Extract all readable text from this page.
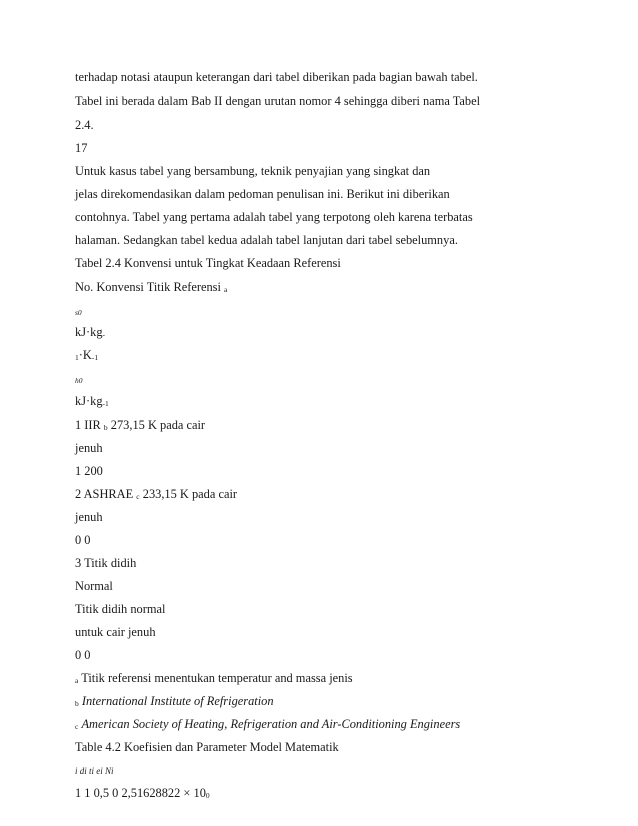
terhadap notasi ataupun keterangan dari tabel diberikan pada bagian bawah tabel.
Tabel ini berada dalam Bab II dengan urutan nomor 4 sehingga diberi nama Tabel
2.4.
17
Untuk kasus tabel yang bersambung, teknik penyajian yang singkat dan
jelas direkomendasikan dalam pedoman penulisan ini. Berikut ini diberikan
contohnya. Tabel yang pertama adalah tabel yang terpotong oleh karena terbatas
halaman. Sedangkan tabel kedua adalah tabel lanjutan dari tabel sebelumnya.
Tabel 2.4 Konvensi untuk Tingkat Keadaan Referensi
No. Konvensi Titik Referensi a
s0
kJ·kg-
1·K-1
h0
kJ·kg-1
1 IIR b 273,15 K pada cair
jenuh
1 200
2 ASHRAE c 233,15 K pada cair
jenuh
0 0
3 Titik didih
Normal
Titik didih normal
untuk cair jenuh
0 0
a Titik referensi menentukan temperatur and massa jenis
b International Institute of Refrigeration
c American Society of Heating, Refrigeration and Air-Conditioning Engineers
Table 4.2 Koefisien dan Parameter Model Matematik
i di ti ei Ni
1 1 0,5 0 2,51628822 × 100
